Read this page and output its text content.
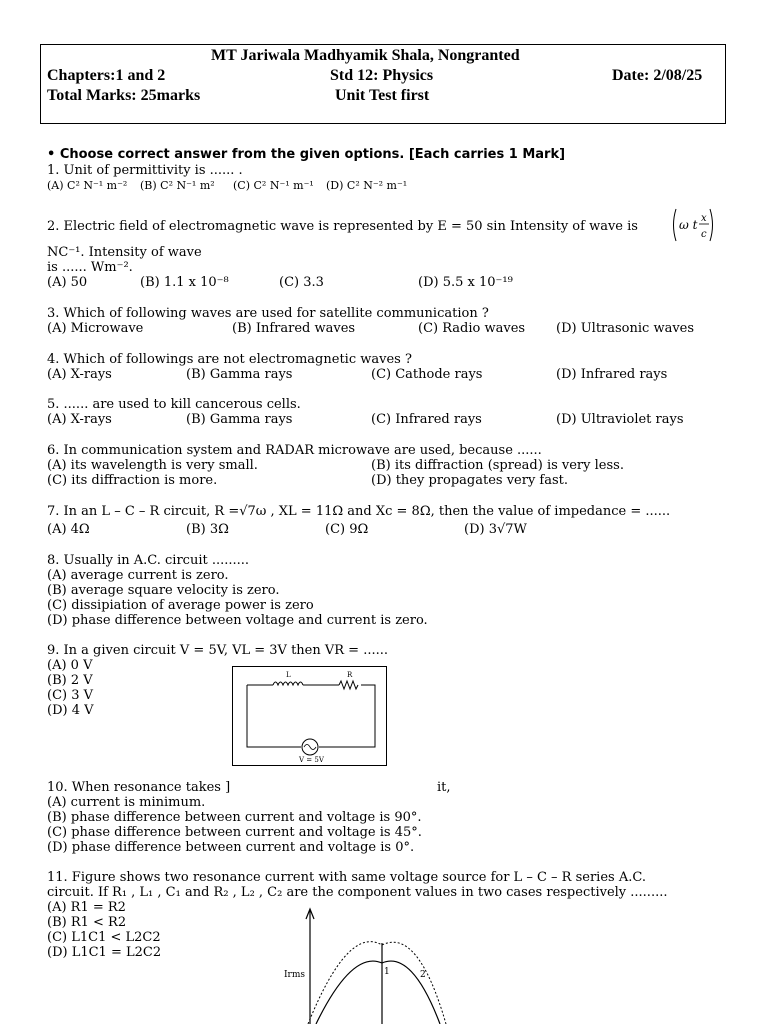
MT Jariwala Madhyamik Shala, Nongranted
Chapters:1 and 2	Std 12: Physics	Date: 2/08/25
Total Marks: 25marks	Unit Test first
• Choose correct answer from the given options. [Each carries 1 Mark]
1. Unit of permittivity is ...... .
(A) C² N⁻¹ m⁻² (B) C² N⁻¹ m² (C) C² N⁻¹ m⁻¹ (D) C² N⁻² m⁻¹
2. Electric field of electromagnetic wave is represented by E = 50 sin Intensity of wave is	ω t x
c
NC⁻¹. Intensity of wave
is ...... Wm⁻².
(A) 50	(B) 1.1 x 10⁻⁸	(C) 3.3	(D) 5.5 x 10⁻¹⁹
3. Which of following waves are used for satellite communication ?
(A) Microwave	(B) Infrared waves	(C) Radio waves (D) Ultrasonic waves
4. Which of followings are not electromagnetic waves ?
(A) X-rays	(B) Gamma rays	(C) Cathode rays	(D) Infrared rays
5. ...... are used to kill cancerous cells.
(A) X-rays	(B) Gamma rays	(C) Infrared rays	(D) Ultraviolet rays
6. In communication system and RADAR microwave are used, because ......
(A) its wavelength is very small.	(B) its diffraction (spread) is very less.
(C) its diffraction is more.	(D) they propagates very fast.
7. In an L – C – R circuit, R =√7ω , XL = 11Ω and Xc = 8Ω, then the value of impedance = ......
(A) 4Ω	(B) 3Ω	(C) 9Ω	(D) 3√7W
8. Usually in A.C. circuit .........
(A) average current is zero.
(B) average square velocity is zero.
(C) dissipiation of average power is zero
(D) phase difference between voltage and current is zero.
9. In a given circuit V = 5V, VL = 3V then VR = ......
(A) 0 V
(B) 2 V
(C) 3 V
(D) 4 V
L	R
V = 5V
10. When resonance takes ]	it,
(A) current is minimum.
(B) phase difference between current and voltage is 90°.
(C) phase difference between current and voltage is 45°.
(D) phase difference between current and voltage is 0°.
11. Figure shows two resonance current with same voltage source for L – C – R series A.C.
circuit. If R₁ , L₁ , C₁ and R₂ , L₂ , C₂ are the component values in two cases respectively .........
(A) R1 = R2
(B) R1 < R2
(C) L1C1 < L2C2
(D) L1C1 = L2C2
Irms	1	2
